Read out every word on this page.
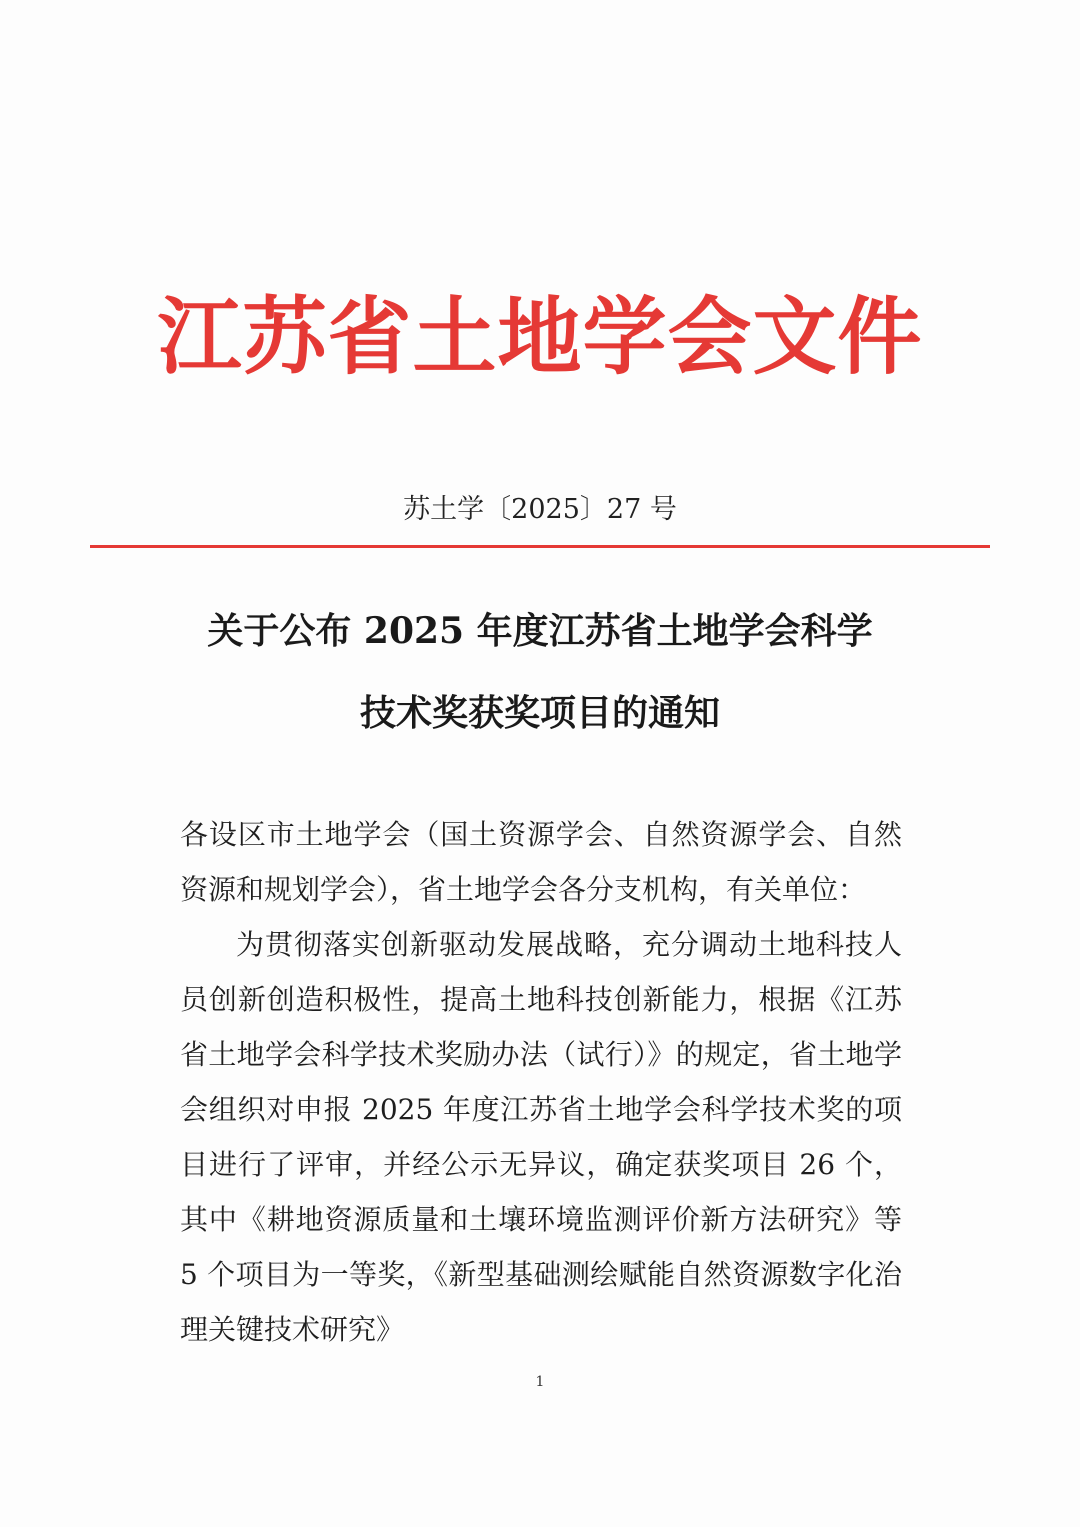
江苏省土地学会文件
苏土学〔2025〕27 号
关于公布 2025 年度江苏省土地学会科学
技术奖获奖项目的通知
各设区市土地学会（国土资源学会、自然资源学会、自然资源和规划学会），省土地学会各分支机构，有关单位：
为贯彻落实创新驱动发展战略，充分调动土地科技人员创新创造积极性，提高土地科技创新能力，根据《江苏省土地学会科学技术奖励办法（试行）》的规定，省土地学会组织对申报 2025 年度江苏省土地学会科学技术奖的项目进行了评审，并经公示无异议，确定获奖项目 26 个，其中《耕地资源质量和土壤环境监测评价新方法研究》等 5 个项目为一等奖，《新型基础测绘赋能自然资源数字化治理关键技术研究》
1
